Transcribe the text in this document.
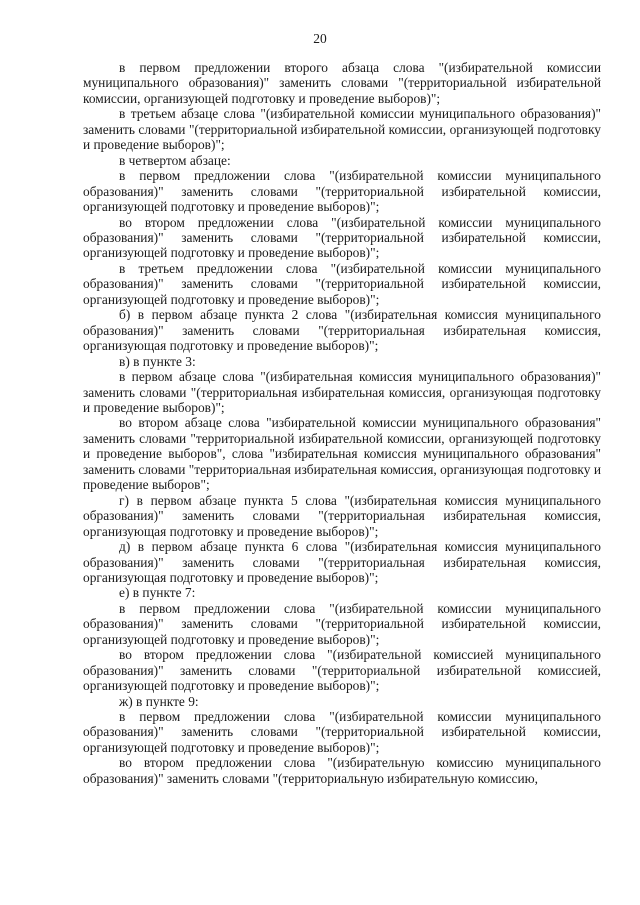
20

в первом предложении второго абзаца слова "(избирательной комиссии муниципального образования)" заменить словами "(территориальной избирательной комиссии, организующей подготовку и проведение выборов)";

в третьем абзаце слова "(избирательной комиссии муниципального образования)" заменить словами "(территориальной избирательной комиссии, организующей подготовку и проведение выборов)";

в четвертом абзаце:

в первом предложении слова "(избирательной комиссии муниципального образования)" заменить словами "(территориальной избирательной комиссии, организующей подготовку и проведение выборов)";

во втором предложении слова "(избирательной комиссии муниципального образования)" заменить словами "(территориальной избирательной комиссии, организующей подготовку и проведение выборов)";

в третьем предложении слова "(избирательной комиссии муниципального образования)" заменить словами "(территориальной избирательной комиссии, организующей подготовку и проведение выборов)";

б) в первом абзаце пункта 2 слова "(избирательная комиссия муниципального образования)" заменить словами "(территориальная избирательная комиссия, организующая подготовку и проведение выборов)";

в) в пункте 3:

в первом абзаце слова "(избирательная комиссия муниципального образования)" заменить словами "(территориальная избирательная комиссия, организующая подготовку и проведение выборов)";

во втором абзаце слова "избирательной комиссии муниципального образования" заменить словами "территориальной избирательной комиссии, организующей подготовку и проведение выборов", слова "избирательная комиссия муниципального образования" заменить словами "территориальная избирательная комиссия, организующая подготовку и проведение выборов";

г) в первом абзаце пункта 5 слова "(избирательная комиссия муниципального образования)" заменить словами "(территориальная избирательная комиссия, организующая подготовку и проведение выборов)";

д) в первом абзаце пункта 6 слова "(избирательная комиссия муниципального образования)" заменить словами "(территориальная избирательная комиссия, организующая подготовку и проведение выборов)";

е) в пункте 7:

в первом предложении слова "(избирательной комиссии муниципального образования)" заменить словами "(территориальной избирательной комиссии, организующей подготовку и проведение выборов)";

во втором предложении слова "(избирательной комиссией муниципального образования)" заменить словами "(территориальной избирательной комиссией, организующей подготовку и проведение выборов)";

ж) в пункте 9:

в первом предложении слова "(избирательной комиссии муниципального образования)" заменить словами "(территориальной избирательной комиссии, организующей подготовку и проведение выборов)";

во втором предложении слова "(избирательную комиссию муниципального образования)" заменить словами "(территориальную избирательную комиссию,
